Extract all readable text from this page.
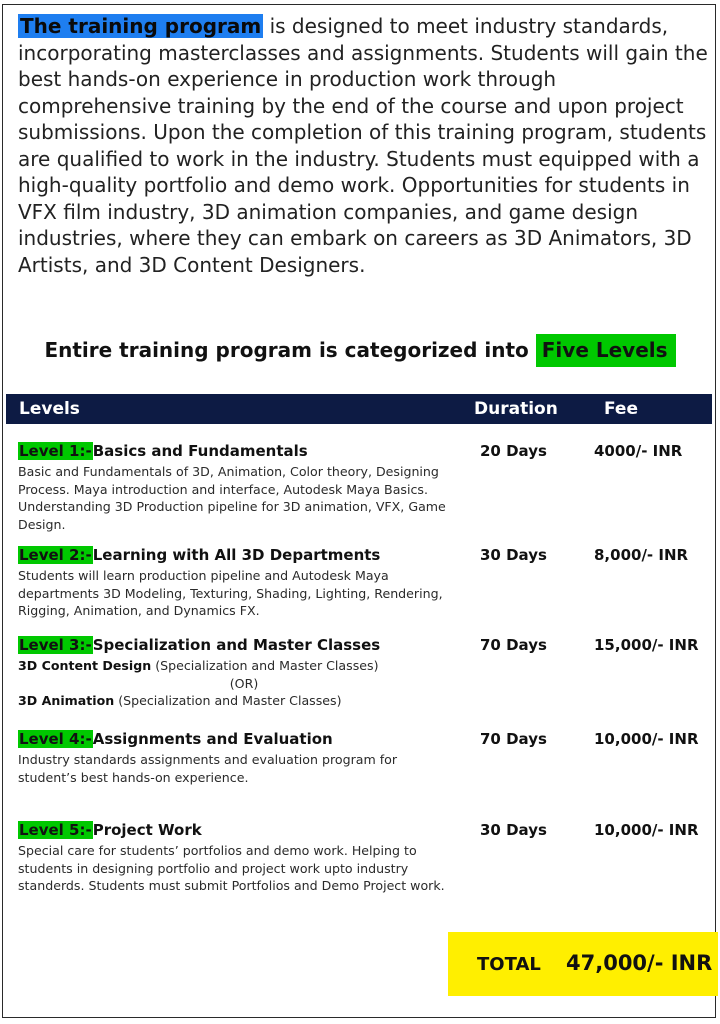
The training program is designed to meet industry standards, incorporating masterclasses and assignments. Students will gain the best hands-on experience in production work through comprehensive training by the end of the course and upon project submissions. Upon the completion of this training program, students are qualified to work in the industry. Students must equipped with a high-quality portfolio and demo work. Opportunities for students in VFX film industry, 3D animation companies, and game design industries, where they can embark on careers as 3D Animators, 3D Artists, and 3D Content Designers.

Entire training program is categorized into Five Levels
Levels	Duration	Fee
Level 1:-Basics and Fundamentals
Basic and Fundamentals of 3D, Animation, Color theory, Designing Process. Maya introduction and interface, Autodesk Maya Basics. Understanding 3D Production pipeline for 3D animation, VFX, Game Design.
20 Days	4000/- INR
Level 2:-Learning with All 3D Departments
Students will learn production pipeline and Autodesk Maya departments 3D Modeling, Texturing, Shading, Lighting, Rendering, Rigging, Animation, and Dynamics FX.
30 Days	8,000/- INR
Level 3:-Specialization and Master Classes
3D Content Design (Specialization and Master Classes)
(OR)
3D Animation (Specialization and Master Classes)
70 Days	15,000/- INR
Level 4:-Assignments and Evaluation
Industry standards assignments and evaluation program for student’s best hands-on experience.
70 Days	10,000/- INR
Level 5:-Project Work
Special care for students’ portfolios and demo work. Helping to students in designing portfolio and project work upto industry standerds. Students must submit Portfolios and Demo Project work.
30 Days	10,000/- INR
TOTAL 47,000/- INR
